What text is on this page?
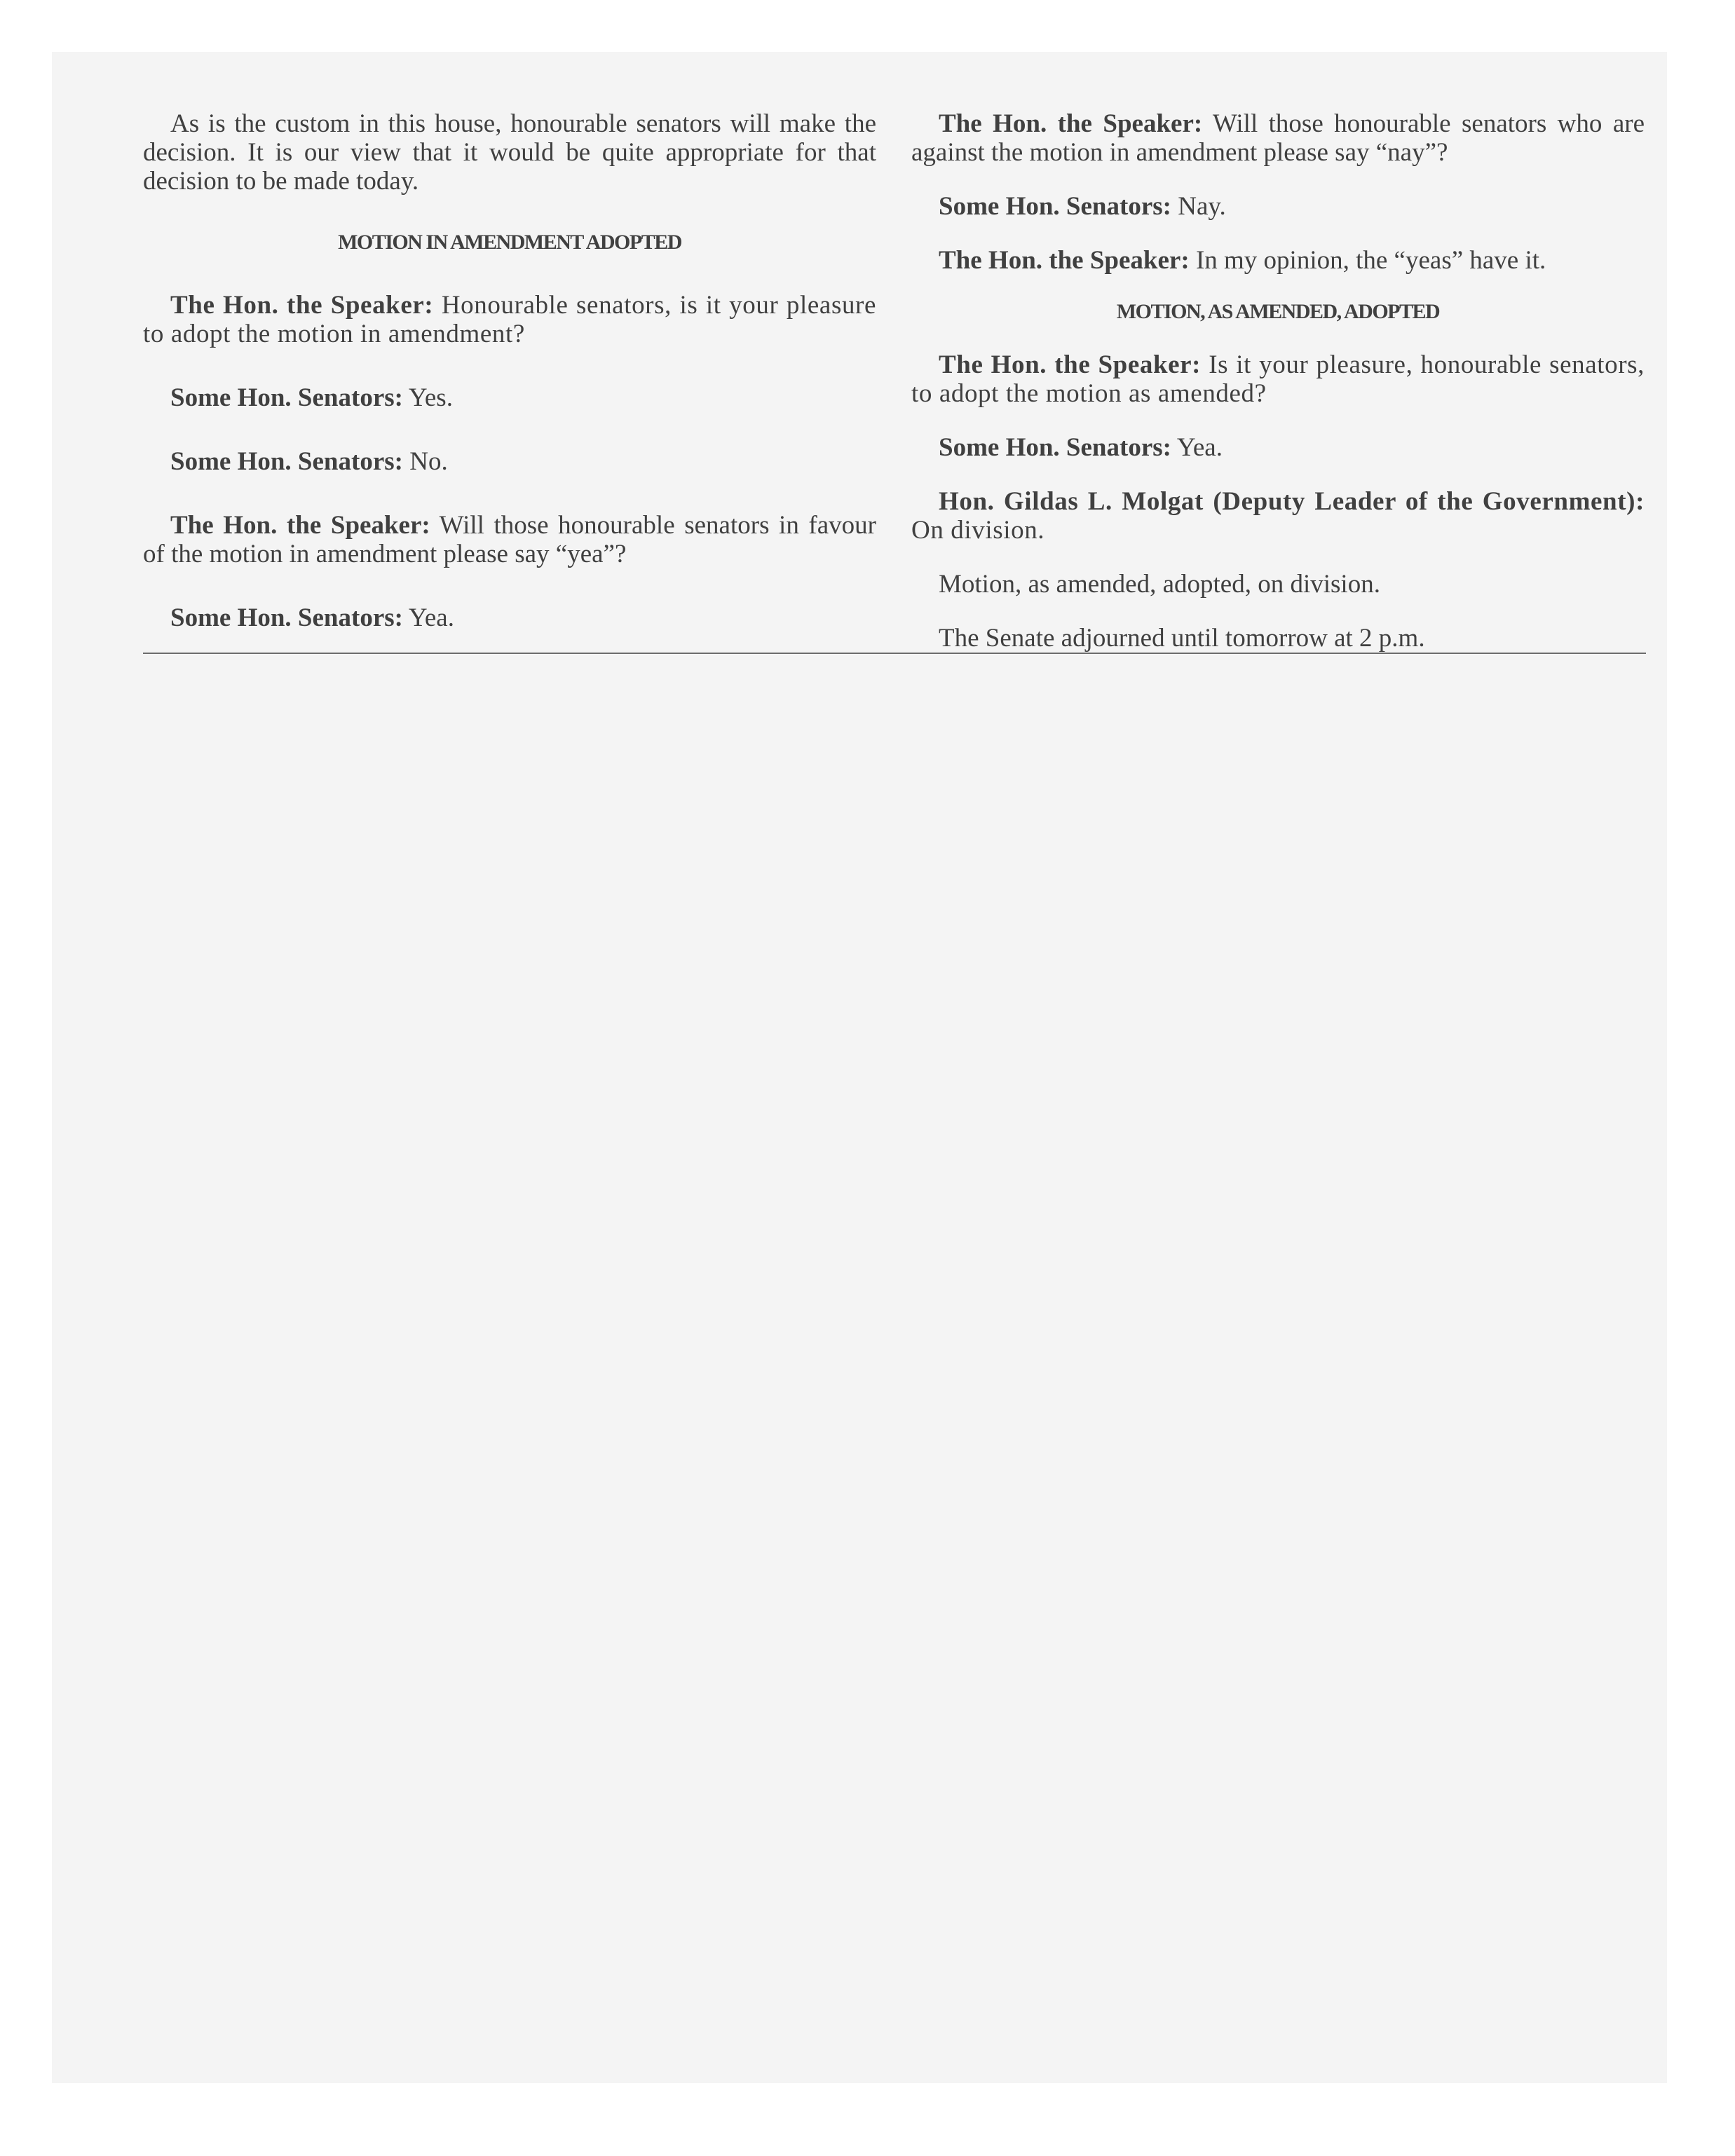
As is the custom in this house, honourable senators will make the decision. It is our view that it would be quite appropriate for that decision to be made today.

MOTION IN AMENDMENT ADOPTED

The Hon. the Speaker: Honourable senators, is it your pleasure to adopt the motion in amendment?

Some Hon. Senators: Yes.

Some Hon. Senators: No.

The Hon. the Speaker: Will those honourable senators in favour of the motion in amendment please say “yea”?

Some Hon. Senators: Yea.

The Hon. the Speaker: Will those honourable senators who are against the motion in amendment please say “nay”?

Some Hon. Senators: Nay.

The Hon. the Speaker: In my opinion, the “yeas” have it.

MOTION, AS AMENDED, ADOPTED

The Hon. the Speaker: Is it your pleasure, honourable senators, to adopt the motion as amended?

Some Hon. Senators: Yea.

Hon. Gildas L. Molgat (Deputy Leader of the Government): On division.

Motion, as amended, adopted, on division.

The Senate adjourned until tomorrow at 2 p.m.
